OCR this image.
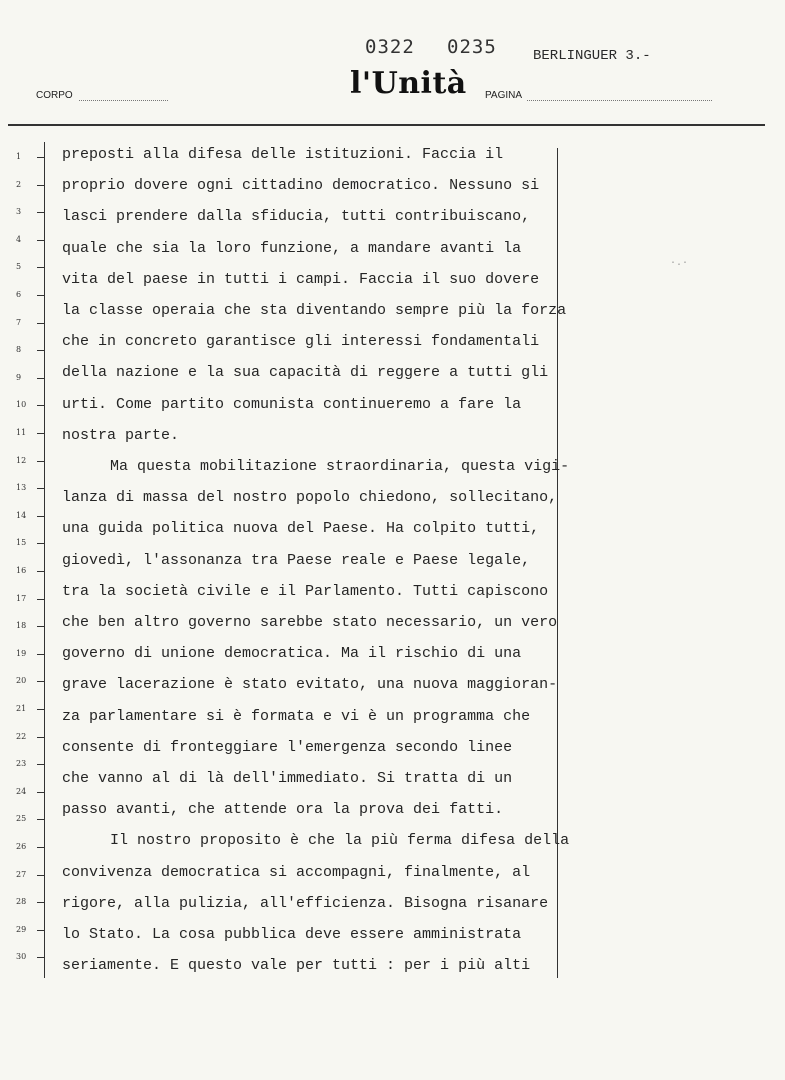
0322 0235	BERLINGUER 3.-
l'Unità
CORPO	PAGINA
·.·
1
2
3
4
5
6
7
8
9
10
11
12
13
14
15
16
17
18
19
20
21
22
23
24
25
26
27
28
29
30
preposti alla difesa delle istituzioni. Faccia il
proprio dovere ogni cittadino democratico. Nessuno si
lasci prendere dalla sfiducia, tutti contribuiscano,
quale che sia la loro funzione, a mandare avanti la
vita del paese in tutti i campi. Faccia il suo dovere
la classe operaia che sta diventando sempre più la forza
che in concreto garantisce gli interessi fondamentali
della nazione e la sua capacità di reggere a tutti gli
urti. Come partito comunista continueremo a fare la
nostra parte.
Ma questa mobilitazione straordinaria, questa vigi-
lanza di massa del nostro popolo chiedono, sollecitano,
una guida politica nuova del Paese. Ha colpito tutti,
giovedì, l'assonanza tra Paese reale e Paese legale,
tra la società civile e il Parlamento. Tutti capiscono
che ben altro governo sarebbe stato necessario, un vero
governo di unione democratica. Ma il rischio di una
grave lacerazione è stato evitato, una nuova maggioran-
za parlamentare si è formata e vi è un programma che
consente di fronteggiare l'emergenza secondo linee
che vanno al di là dell'immediato. Si tratta di un
passo avanti, che attende ora la prova dei fatti.
Il nostro proposito è che la più ferma difesa della
convivenza democratica si accompagni, finalmente, al
rigore, alla pulizia, all'efficienza. Bisogna risanare
lo Stato. La cosa pubblica deve essere amministrata
seriamente. E questo vale per tutti : per i più alti
